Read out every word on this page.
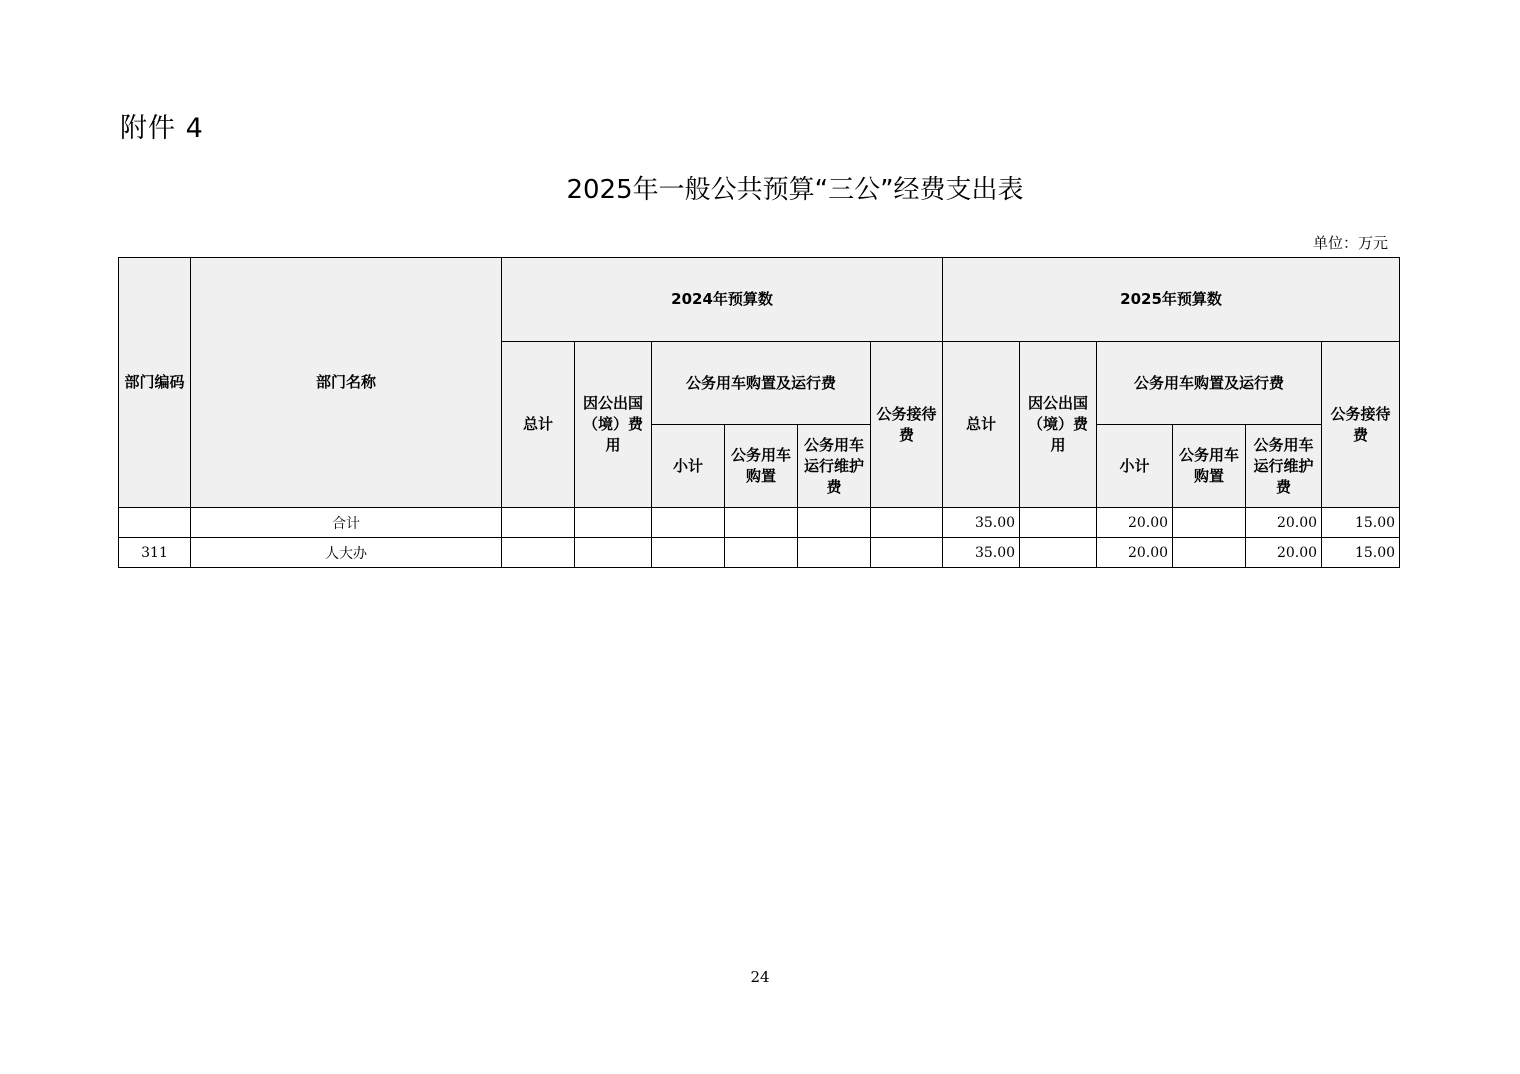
附件 4
2025年一般公共预算“三公”经费支出表
单位：万元
部门编码	部门名称	2024年预算数						2025年预算数					
		总计	因公出国（境）费用	公务用车购置及运行费			公务接待费	总计	因公出国（境）费用	公务用车购置及运行费			公务接待费
				小计	公务用车购置	公务用车运行维护费				小计	公务用车购置	公务用车运行维护费	
	合计							35.00		20.00		20.00	15.00
311	人大办							35.00		20.00		20.00	15.00
24
